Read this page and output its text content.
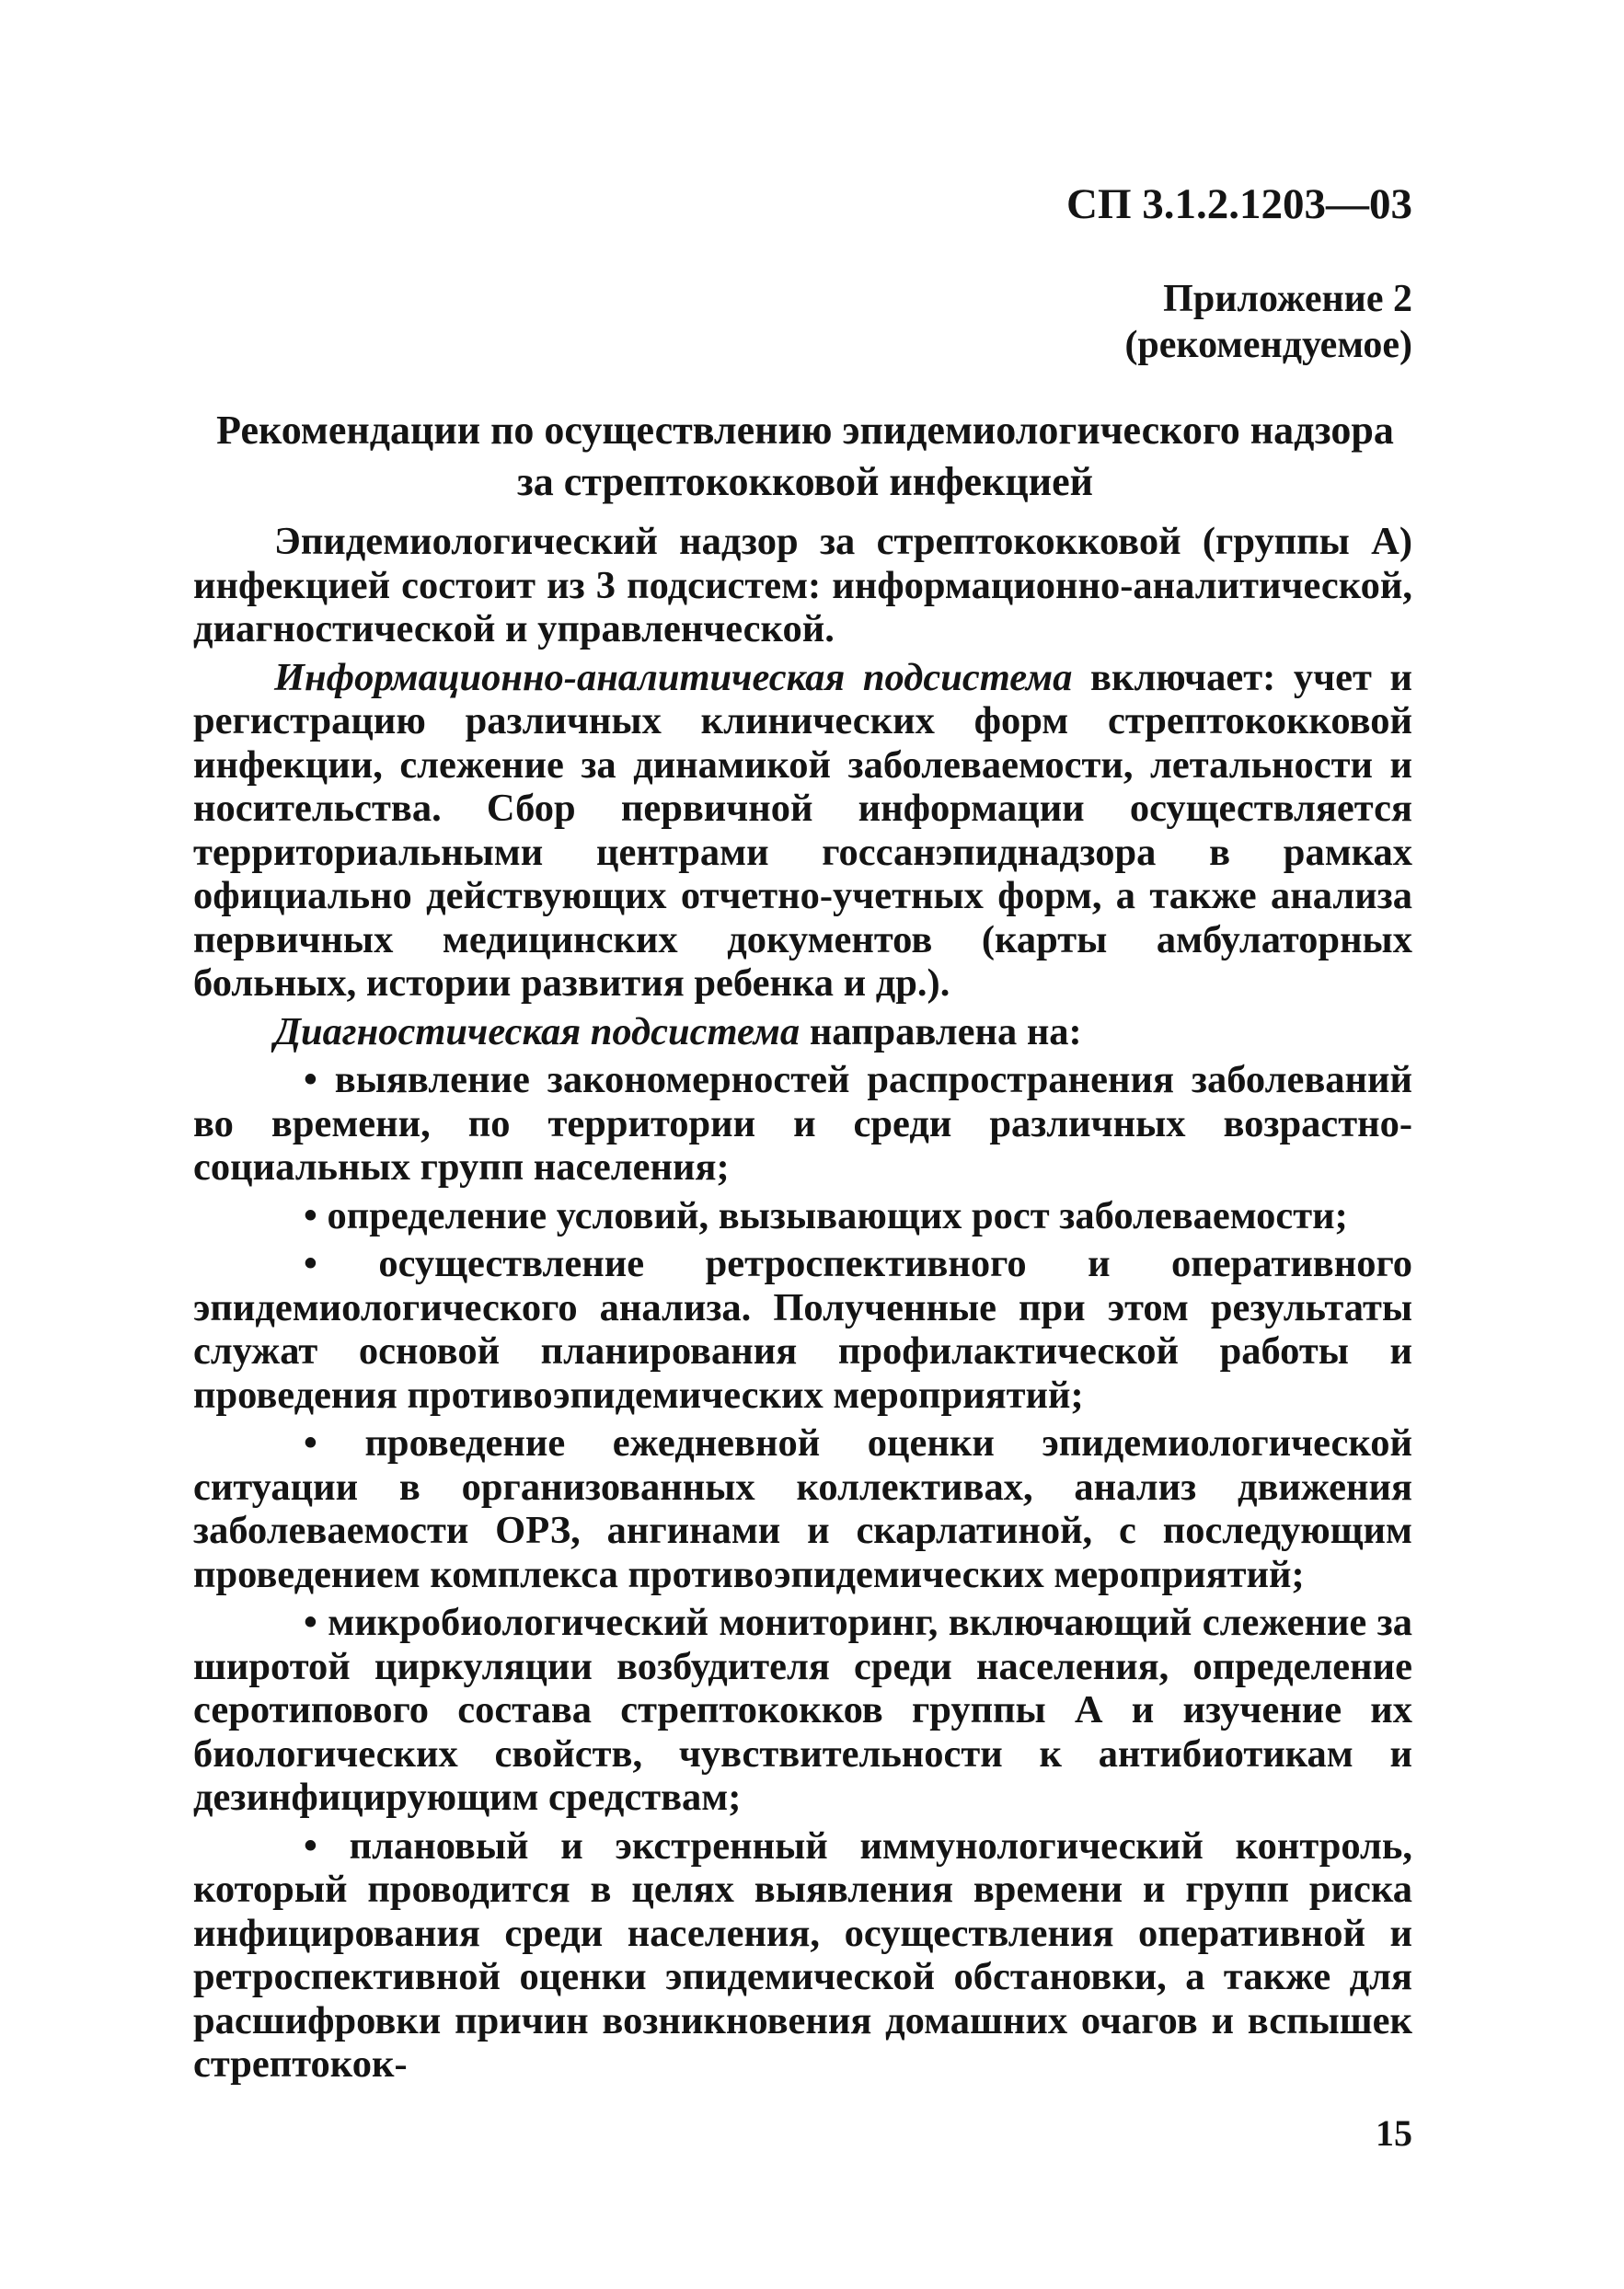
СП 3.1.2.1203—03
Приложение 2
(рекомендуемое)
Рекомендации по осуществлению эпидемиологического надзора
за стрептококковой инфекцией

Эпидемиологический надзор за стрептококковой (группы А) инфекцией состоит из 3 подсистем: информационно-аналитической, диагностической и управленческой.

Информационно-аналитическая подсистема включает: учет и регистрацию различных клинических форм стрептококковой инфекции, слежение за динамикой заболеваемости, летальности и носительства. Сбор первичной информации осуществляется территориальными центрами госсанэпиднадзора в рамках официально действующих отчетно-учетных форм, а также анализа первичных медицинских документов (карты амбулаторных больных, истории развития ребенка и др.).

Диагностическая подсистема направлена на:

• выявление закономерностей распространения заболеваний во времени, по территории и среди различных возрастно-социальных групп населения;

• определение условий, вызывающих рост заболеваемости;

• осуществление ретроспективного и оперативного эпидемиологического анализа. Полученные при этом результаты служат основой планирования профилактической работы и проведения противоэпидемических мероприятий;

• проведение ежедневной оценки эпидемиологической ситуации в организованных коллективах, анализ движения заболеваемости ОРЗ, ангинами и скарлатиной, с последующим проведением комплекса противоэпидемических мероприятий;

• микробиологический мониторинг, включающий слежение за широтой циркуляции возбудителя среди населения, определение серотипового состава стрептококков группы А и изучение их биологических свойств, чувствительности к антибиотикам и дезинфицирующим средствам;

• плановый и экстренный иммунологический контроль, который проводится в целях выявления времени и групп риска инфицирования среди населения, осуществления оперативной и ретроспективной оценки эпидемической обстановки, а также для расшифровки причин возникновения домашних очагов и вспышек стрептокок-

15
